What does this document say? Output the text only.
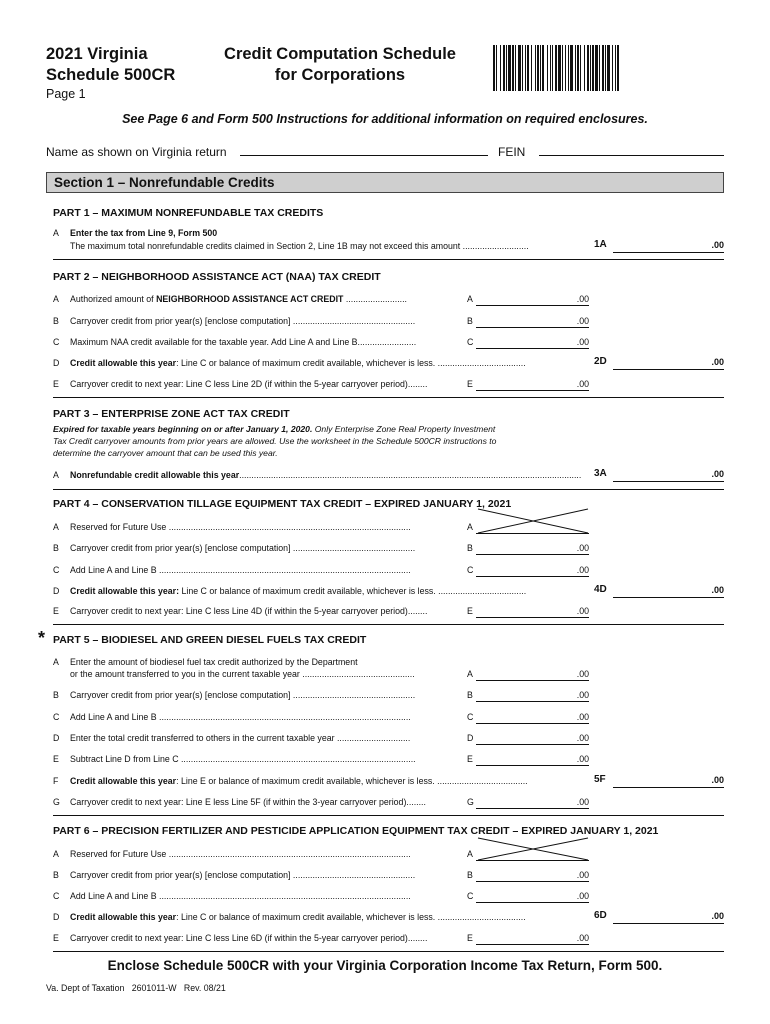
2021 Virginia
Schedule 500CR
Page 1
Credit Computation Schedule
for Corporations
See Page 6 and Form 500 Instructions for additional information on required enclosures.
Name as shown on Virginia return	FEIN
Section 1 – Nonrefundable Credits
PART 1 – MAXIMUM NONREFUNDABLE TAX CREDITS
A Enter the tax from Line 9, Form 500
The maximum total nonrefundable credits claimed in Section 2, Line 1B may not exceed this amount ...........................	1A	.00
PART 2 – NEIGHBORHOOD ASSISTANCE ACT (NAA) TAX CREDIT
A Authorized amount of NEIGHBORHOOD ASSISTANCE ACT CREDIT .........................	A	.00
B Carryover credit from prior year(s) [enclose computation] ..................................................	B	.00
C Maximum NAA credit available for the taxable year. Add Line A and Line B........................	C	.00
D Credit allowable this year: Line C or balance of maximum credit available, whichever is less. ....................................	2D	.00
E Carryover credit to next year: Line C less Line 2D (if within the 5-year carryover period)........	E	.00
PART 3 – ENTERPRISE ZONE ACT TAX CREDIT
Expired for taxable years beginning on or after January 1, 2020. Only Enterprise Zone Real Property Investment
Tax Credit carryover amounts from prior years are allowed. Use the worksheet in the Schedule 500CR instructions to
determine the carryover amount that can be used this year.
A Nonrefundable credit allowable this year............................................................................................................................................	3A	.00
PART 4 – CONSERVATION TILLAGE EQUIPMENT TAX CREDIT – EXPIRED JANUARY 1, 2021
A Reserved for Future Use ...................................................................................................	A
B Carryover credit from prior year(s) [enclose computation] ..................................................	B	.00
C Add Line A and Line B .......................................................................................................	C	.00
D Credit allowable this year: Line C or balance of maximum credit available, whichever is less. ....................................	4D	.00
E Carryover credit to next year: Line C less Line 4D (if within the 5-year carryover period)........	E	.00
* PART 5 – BIODIESEL AND GREEN DIESEL FUELS TAX CREDIT
A Enter the amount of biodiesel fuel tax credit authorized by the Department
or the amount transferred to you in the current taxable year ..............................................	A	.00
B Carryover credit from prior year(s) [enclose computation] ..................................................	B	.00
C Add Line A and Line B .......................................................................................................	C	.00
D Enter the total credit transferred to others in the current taxable year ..............................	D	.00
E Subtract Line D from Line C ................................................................................................	E	.00
F Credit allowable this year: Line E or balance of maximum credit available, whichever is less. .....................................	5F	.00
G Carryover credit to next year: Line E less Line 5F (if within the 3-year carryover period)........	G	.00
PART 6 – PRECISION FERTILIZER AND PESTICIDE APPLICATION EQUIPMENT TAX CREDIT – EXPIRED JANUARY 1, 2021
A Reserved for Future Use ...................................................................................................	A
B Carryover credit from prior year(s) [enclose computation] ..................................................	B	.00
C Add Line A and Line B .......................................................................................................	C	.00
D Credit allowable this year: Line C or balance of maximum credit available, whichever is less. ....................................	6D	.00
E Carryover credit to next year: Line C less Line 6D (if within the 5-year carryover period)........	E	.00
Enclose Schedule 500CR with your Virginia Corporation Income Tax Return, Form 500.
Va. Dept of Taxation   2601011-W   Rev. 08/21
